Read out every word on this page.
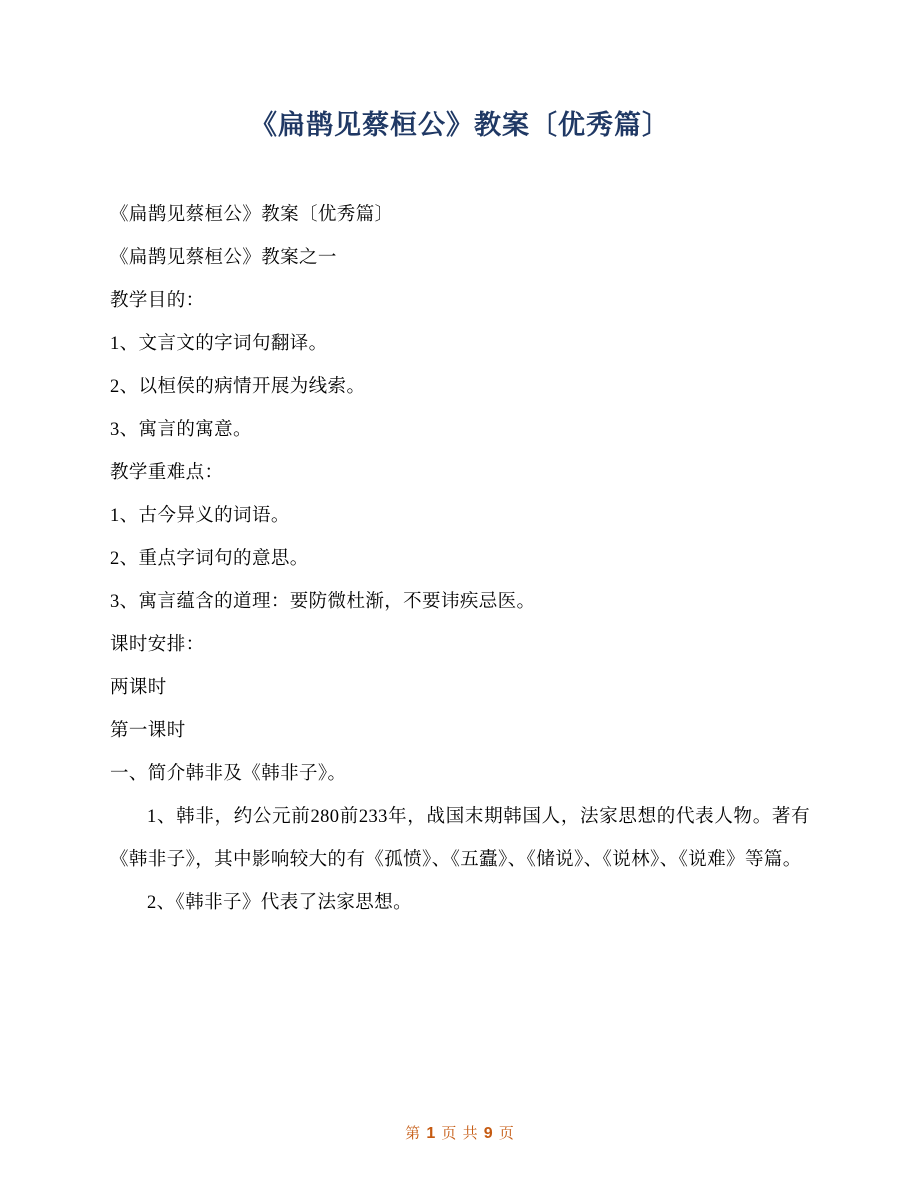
《扁鹊见蔡桓公》教案〔优秀篇〕

《扁鹊见蔡桓公》教案〔优秀篇〕

《扁鹊见蔡桓公》教案之一

教学目的：

1、文言文的字词句翻译。

2、以桓侯的病情开展为线索。

3、寓言的寓意。

教学重难点：

1、古今异义的词语。

2、重点字词句的意思。

3、寓言蕴含的道理：要防微杜渐，不要讳疾忌医。

课时安排：

两课时

第一课时

一、简介韩非及《韩非子》。

1、韩非，约公元前280前233年，战国末期韩国人，法家思想的代表人物。著有《韩非子》，其中影响较大的有《孤愤》、《五蠹》、《储说》、《说林》、《说难》等篇。

2、《韩非子》代表了法家思想。

第 1 页 共 9 页
